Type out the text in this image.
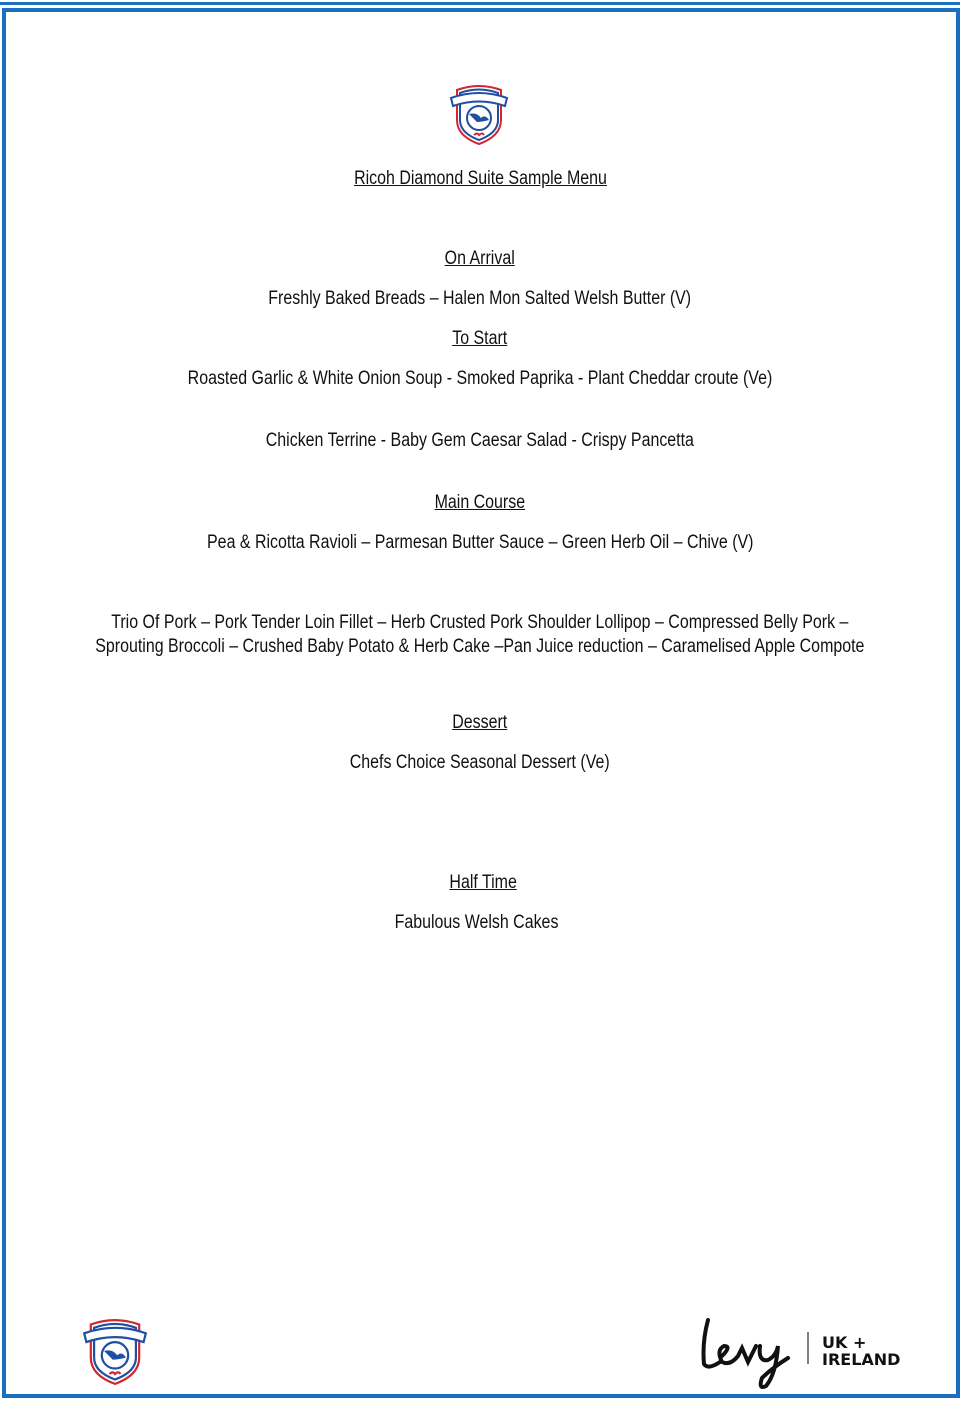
Ricoh Diamond Suite Sample Menu
On Arrival
Freshly Baked Breads – Halen Mon Salted Welsh Butter (V)
To Start
Roasted Garlic & White Onion Soup - Smoked Paprika - Plant Cheddar croute (Ve)
Chicken Terrine - Baby Gem Caesar Salad - Crispy Pancetta
Main Course
Pea & Ricotta Ravioli – Parmesan Butter Sauce – Green Herb Oil – Chive (V)
Trio Of Pork – Pork Tender Loin Fillet – Herb Crusted Pork Shoulder Lollipop – Compressed Belly Pork –
Sprouting Broccoli – Crushed Baby Potato & Herb Cake –Pan Juice reduction – Caramelised Apple Compote
Dessert
Chefs Choice Seasonal Dessert (Ve)
Half Time
Fabulous Welsh Cakes
UK +
IRELAND
